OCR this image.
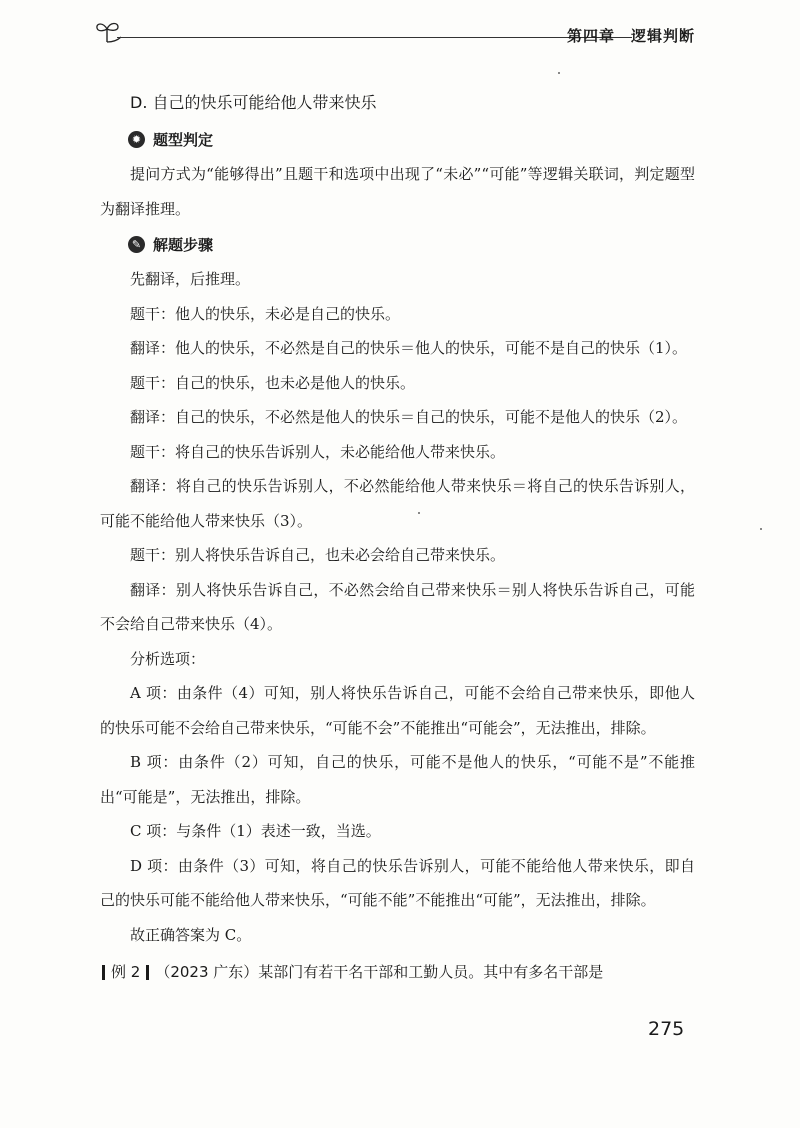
第四章　逻辑判断

D. 自己的快乐可能给他人带来快乐

✹ 题型判定

提问方式为“能够得出”且题干和选项中出现了“未必”“可能”等逻辑关联词，判定题型为翻译推理。

✎ 解题步骤

先翻译，后推理。

题干：他人的快乐，未必是自己的快乐。

翻译：他人的快乐，不必然是自己的快乐＝他人的快乐，可能不是自己的快乐（1）。

题干：自己的快乐，也未必是他人的快乐。

翻译：自己的快乐，不必然是他人的快乐＝自己的快乐，可能不是他人的快乐（2）。

题干：将自己的快乐告诉别人，未必能给他人带来快乐。

翻译：将自己的快乐告诉别人，不必然能给他人带来快乐＝将自己的快乐告诉别人，可能不能给他人带来快乐（3）。

题干：别人将快乐告诉自己，也未必会给自己带来快乐。

翻译：别人将快乐告诉自己，不必然会给自己带来快乐＝别人将快乐告诉自己，可能不会给自己带来快乐（4）。

分析选项：

A 项：由条件（4）可知，别人将快乐告诉自己，可能不会给自己带来快乐，即他人的快乐可能不会给自己带来快乐，“可能不会”不能推出“可能会”，无法推出，排除。

B 项：由条件（2）可知，自己的快乐，可能不是他人的快乐，“可能不是”不能推出“可能是”，无法推出，排除。

C 项：与条件（1）表述一致，当选。

D 项：由条件（3）可知，将自己的快乐告诉别人，可能不能给他人带来快乐，即自己的快乐可能不能给他人带来快乐，“可能不能”不能推出“可能”，无法推出，排除。

故正确答案为 C。

例 2 （2023 广东）某部门有若干名干部和工勤人员。其中有多名干部是
275
